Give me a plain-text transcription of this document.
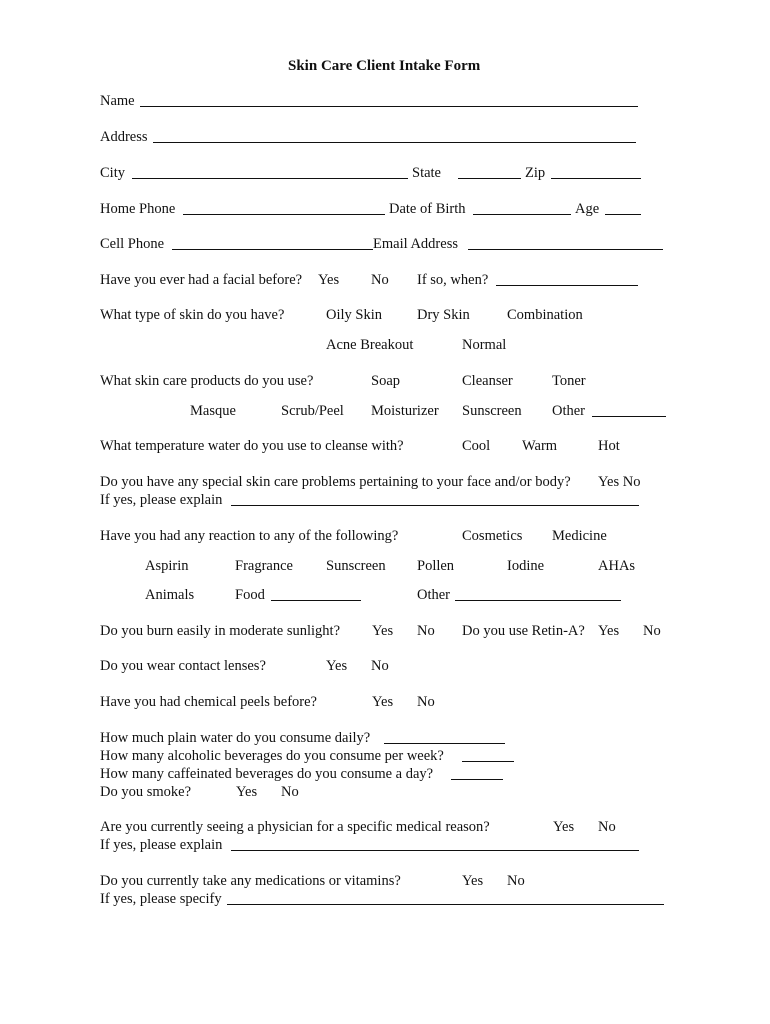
Skin Care Client Intake Form
Name
Address
City	State	Zip
Home Phone	Date of Birth	Age
Cell Phone	Email Address
Have you ever had a facial before? Yes No If so, when?
What type of skin do you have?	Oily Skin Dry Skin	Combination
Acne Breakout	Normal
What skin care products do you use?	Soap	Cleanser	Toner
Masque	Scrub/Peel Moisturizer Sunscreen Other
What temperature water do you use to cleanse with?	Cool Warm	Hot
Do you have any special skin care problems pertaining to your face and/or body? Yes No
If yes, please explain
Have you had any reaction to any of the following?	Cosmetics Medicine
Aspirin	Fragrance Sunscreen Pollen	Iodine	AHAs
Animals	Food	Other
Do you burn easily in moderate sunlight? Yes No Do you use Retin-A? Yes No
Do you wear contact lenses?	Yes No
Have you had chemical peels before?	Yes No
How much plain water do you consume daily?
How many alcoholic beverages do you consume per week?
How many caffeinated beverages do you consume a day?
Do you smoke?	Yes No
Are you currently seeing a physician for a specific medical reason?	Yes No
If yes, please explain
Do you currently take any medications or vitamins?	Yes No
If yes, please specify
